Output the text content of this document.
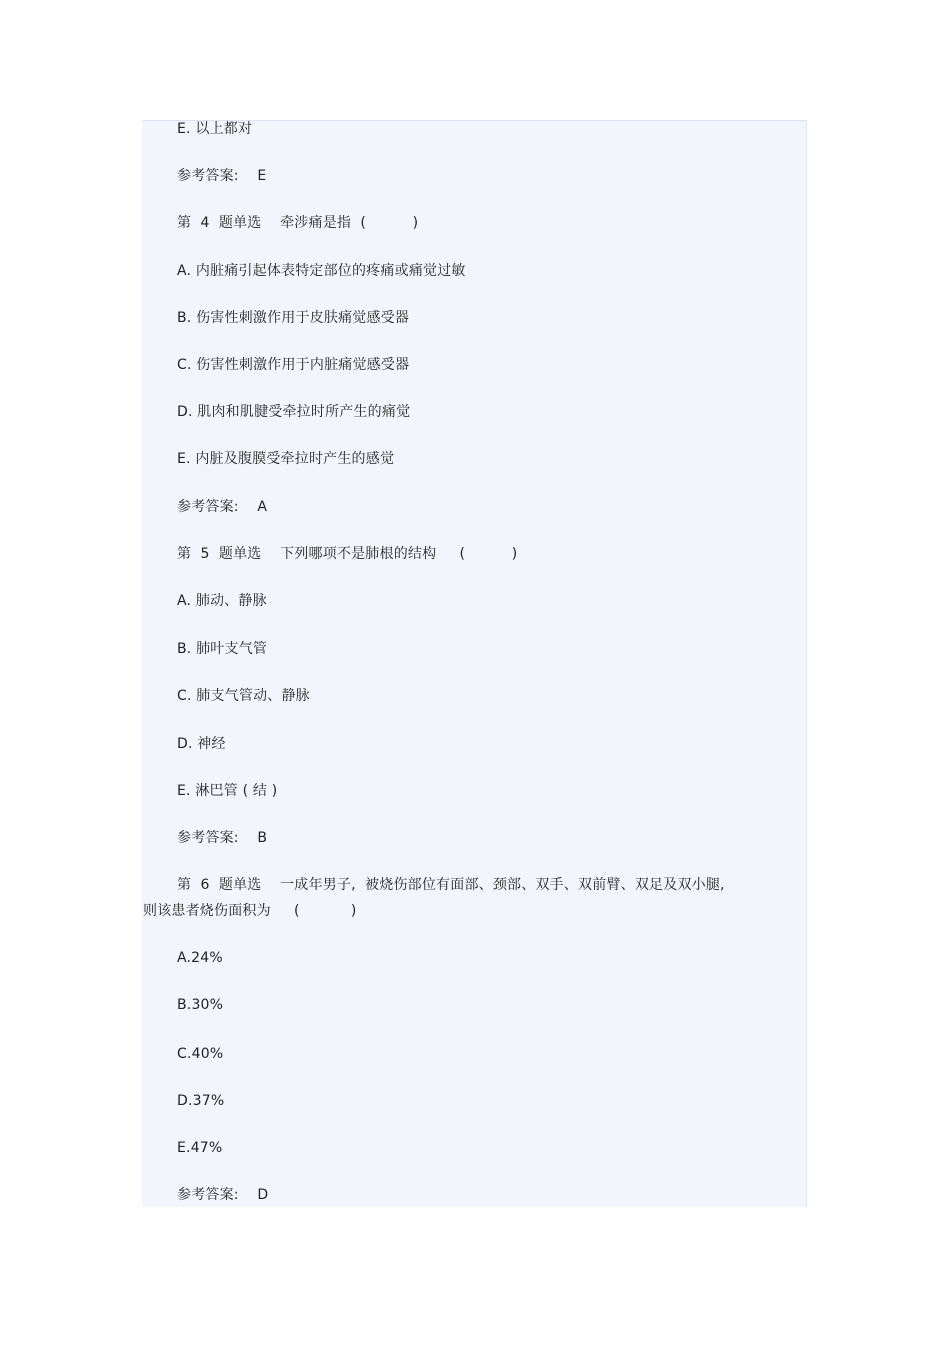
E. 以上都对
参考答案:    E
第  4  题单选    牵涉痛是指  (          )
A. 内脏痛引起体表特定部位的疼痛或痛觉过敏
B. 伤害性刺激作用于皮肤痛觉感受器
C. 伤害性刺激作用于内脏痛觉感受器
D. 肌肉和肌腱受牵拉时所产生的痛觉
E. 内脏及腹膜受牵拉时产生的感觉
参考答案:    A
第  5  题单选    下列哪项不是肺根的结构     (          )
A. 肺动、静脉
B. 肺叶支气管
C. 肺支气管动、静脉
D. 神经
E. 淋巴管 ( 结 )
参考答案:    B
第  6  题单选    一成年男子,  被烧伤部位有面部、颈部、双手、双前臂、双足及双小腿,
则该患者烧伤面积为     (           )
A.24%
B.30%
C.40%
D.37%
E.47%
参考答案:    D
